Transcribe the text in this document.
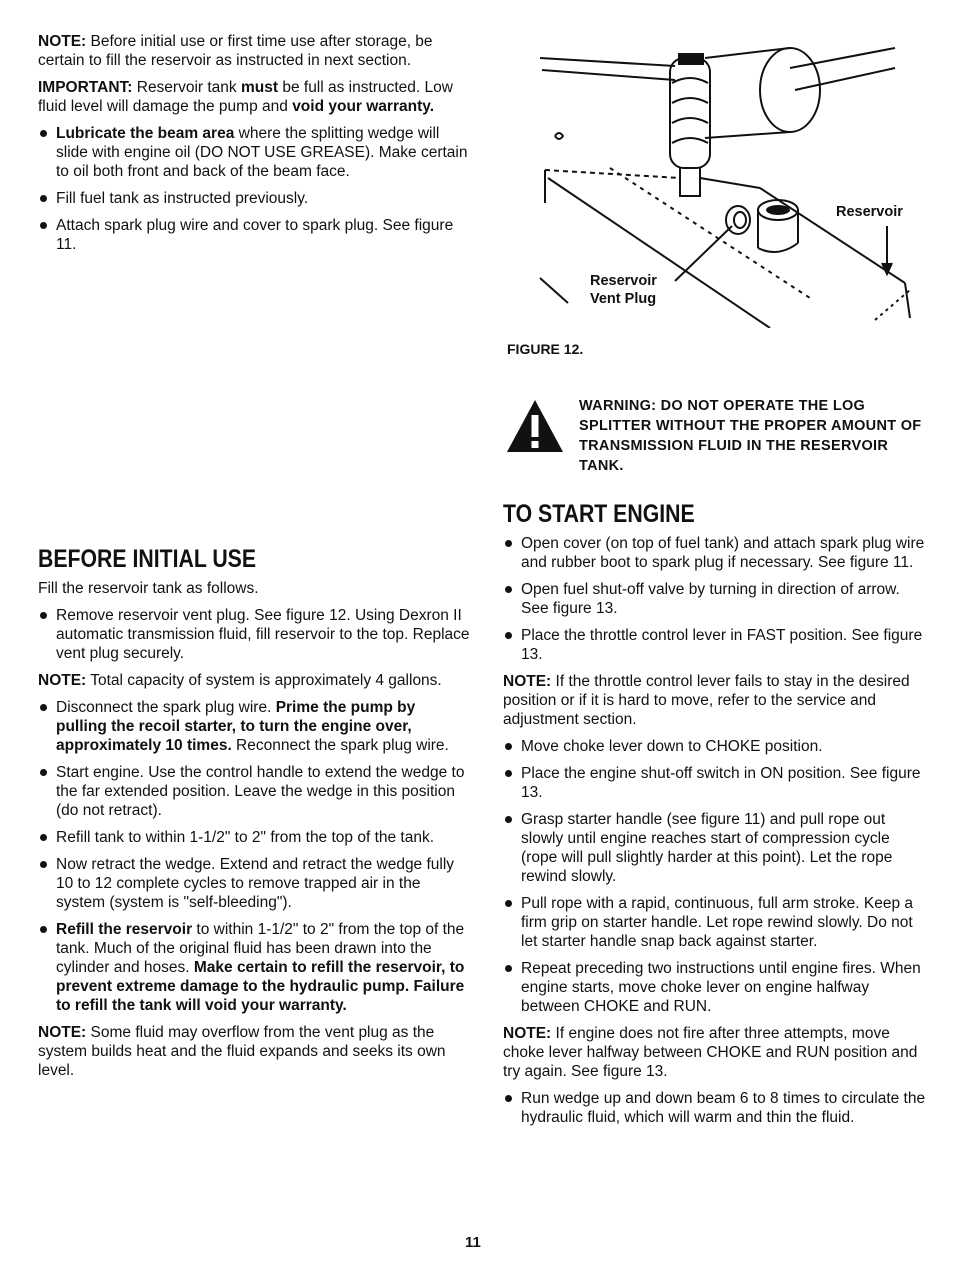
NOTE: Before initial use or first time use after storage, be certain to fill the reservoir as instructed in next section.

IMPORTANT: Reservoir tank must be full as instructed. Low fluid level will damage the pump and void your warranty.

Lubricate the beam area where the splitting wedge will slide with engine oil (DO NOT USE GREASE). Make certain to oil both front and back of the beam face.
Fill fuel tank as instructed previously.
Attach spark plug wire and cover to spark plug. See figure 11.
BEFORE INITIAL USE

Fill the reservoir tank as follows.

Remove reservoir vent plug. See figure 12. Using Dexron II automatic transmission fluid, fill reservoir to the top. Replace vent plug securely.

NOTE: Total capacity of system is approximately 4 gallons.

Disconnect the spark plug wire. Prime the pump by pulling the recoil starter, to turn the engine over, approximately 10 times. Reconnect the spark plug wire.
Start engine. Use the control handle to extend the wedge to the far extended position. Leave the wedge in this position (do not retract).
Refill tank to within 1-1/2" to 2" from the top of the tank.
Now retract the wedge. Extend and retract the wedge fully 10 to 12 complete cycles to remove trapped air in the system (system is "self-bleeding").
Refill the reservoir to within 1-1/2" to 2" from the top of the tank. Much of the original fluid has been drawn into the cylinder and hoses. Make certain to refill the reservoir, to prevent extreme damage to the hydraulic pump. Failure to refill the tank will void your warranty.

NOTE: Some fluid may overflow from the vent plug as the system builds heat and the fluid expands and seeks its own level.

Reservoir
Reservoir
Vent Plug
FIGURE 12.
WARNING: DO NOT OPERATE THE LOG SPLITTER WITHOUT THE PROPER AMOUNT OF TRANSMISSION FLUID IN THE RESERVOIR TANK.
TO START ENGINE
Open cover (on top of fuel tank) and attach spark plug wire and rubber boot to spark plug if necessary. See figure 11.
Open fuel shut-off valve by turning in direction of arrow. See figure 13.
Place the throttle control lever in FAST position. See figure 13.

NOTE: If the throttle control lever fails to stay in the desired position or if it is hard to move, refer to the service and adjustment section.

Move choke lever down to CHOKE position.
Place the engine shut-off switch in ON position. See figure 13.
Grasp starter handle (see figure 11) and pull rope out slowly until engine reaches start of compression cycle (rope will pull slightly harder at this point). Let the rope rewind slowly.
Pull rope with a rapid, continuous, full arm stroke. Keep a firm grip on starter handle. Let rope rewind slowly. Do not let starter handle snap back against starter.
Repeat preceding two instructions until engine fires. When engine starts, move choke lever on engine halfway between CHOKE and RUN.

NOTE: If engine does not fire after three attempts, move choke lever halfway between CHOKE and RUN position and try again. See figure 13.

Run wedge up and down beam 6 to 8 times to circulate the hydraulic fluid, which will warm and thin the fluid.
11
